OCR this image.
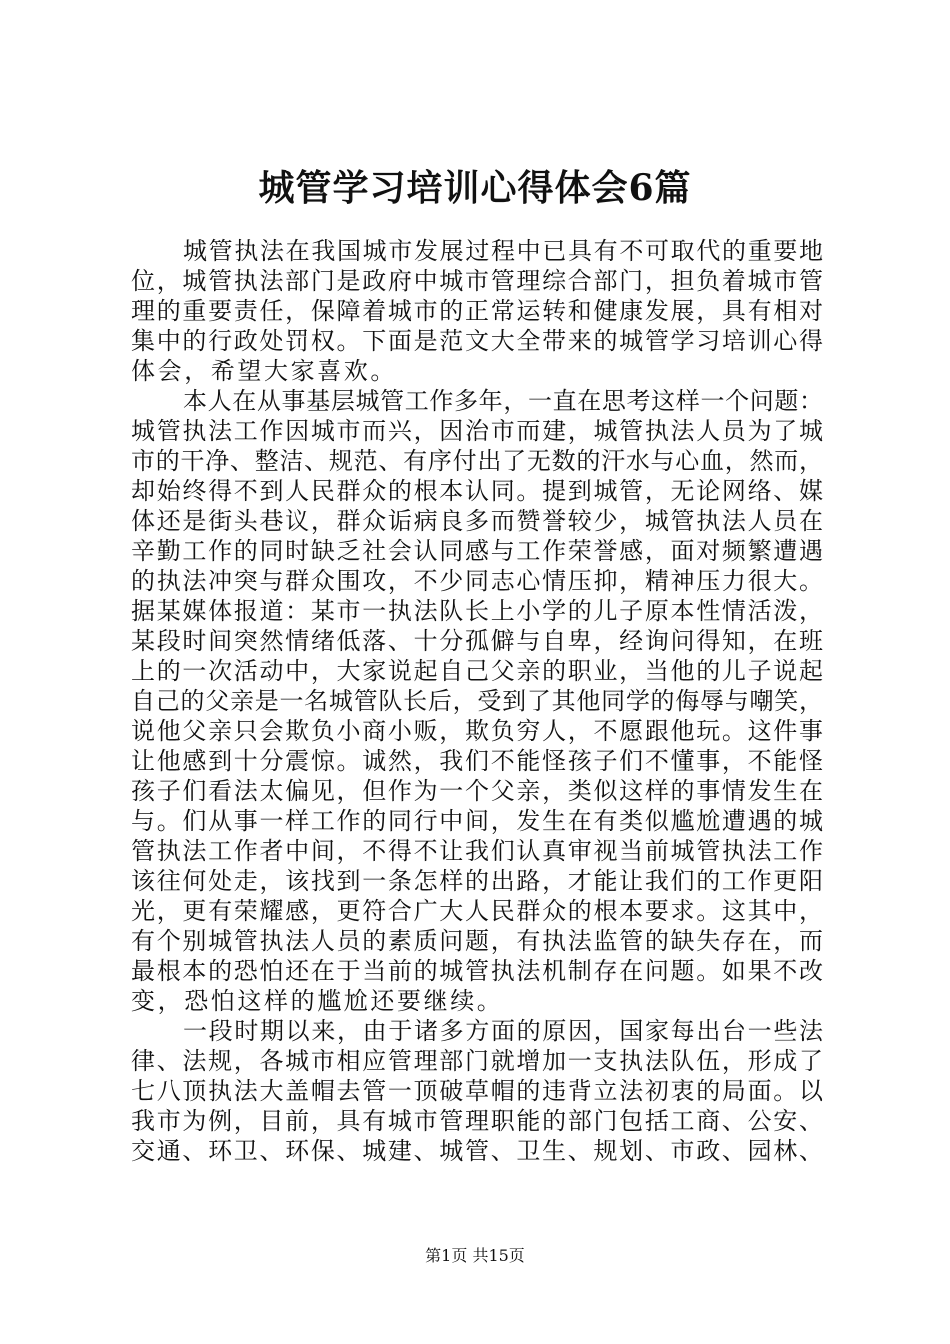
城管学习培训心得体会6篇
城管执法在我国城市发展过程中已具有不可取代的重要地
位，城管执法部门是政府中城市管理综合部门，担负着城市管
理的重要责任，保障着城市的正常运转和健康发展，具有相对
集中的行政处罚权。下面是范文大全带来的城管学习培训心得
体会，希望大家喜欢。
本人在从事基层城管工作多年，一直在思考这样一个问题：
城管执法工作因城市而兴，因治市而建，城管执法人员为了城
市的干净、整洁、规范、有序付出了无数的汗水与心血，然而，
却始终得不到人民群众的根本认同。提到城管，无论网络、媒
体还是街头巷议，群众诟病良多而赞誉较少，城管执法人员在
辛勤工作的同时缺乏社会认同感与工作荣誉感，面对频繁遭遇
的执法冲突与群众围攻，不少同志心情压抑，精神压力很大。
据某媒体报道：某市一执法队长上小学的儿子原本性情活泼，
某段时间突然情绪低落、十分孤僻与自卑，经询问得知，在班
上的一次活动中，大家说起自己父亲的职业，当他的儿子说起
自己的父亲是一名城管队长后，受到了其他同学的侮辱与嘲笑，
说他父亲只会欺负小商小贩，欺负穷人，不愿跟他玩。这件事
让他感到十分震惊。诚然，我们不能怪孩子们不懂事，不能怪
孩子们看法太偏见，但作为一个父亲，类似这样的事情发生在
与。们从事一样工作的同行中间，发生在有类似尴尬遭遇的城
管执法工作者中间，不得不让我们认真审视当前城管执法工作
该往何处走，该找到一条怎样的出路，才能让我们的工作更阳
光，更有荣耀感，更符合广大人民群众的根本要求。这其中，
有个别城管执法人员的素质问题，有执法监管的缺失存在，而
最根本的恐怕还在于当前的城管执法机制存在问题。如果不改
变，恐怕这样的尴尬还要继续。
一段时期以来，由于诸多方面的原因，国家每出台一些法
律、法规，各城市相应管理部门就增加一支执法队伍，形成了
七八顶执法大盖帽去管一顶破草帽的违背立法初衷的局面。以
我市为例，目前，具有城市管理职能的部门包括工商、公安、
交通、环卫、环保、城建、城管、卫生、规划、市政、园林、
第1页 共15页
